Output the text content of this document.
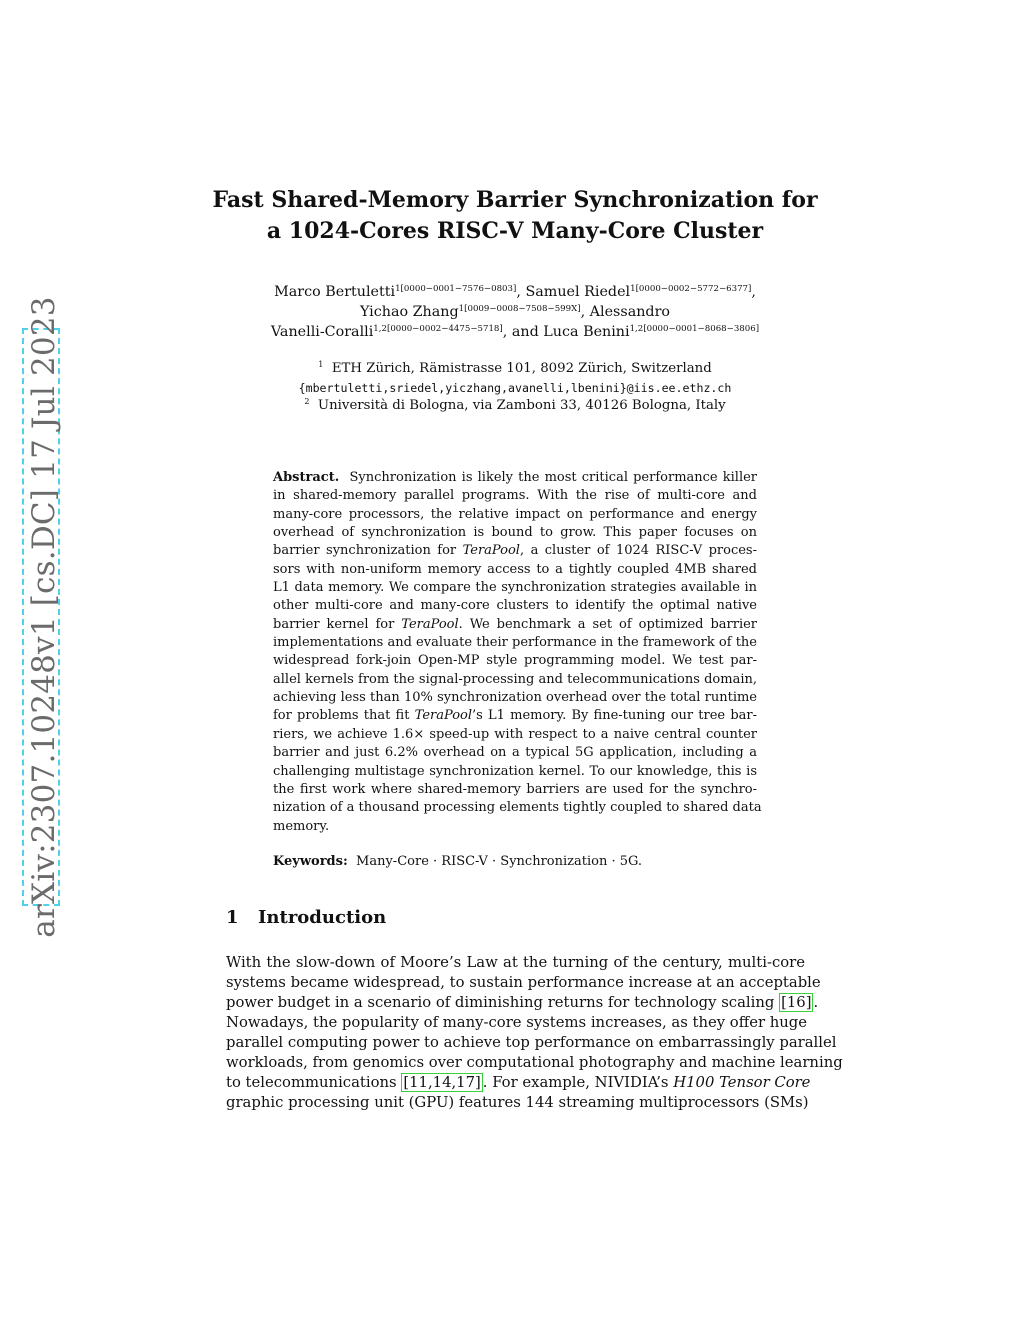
arXiv:2307.10248v1 [cs.DC] 17 Jul 2023
Fast Shared-Memory Barrier Synchronization for
a 1024-Cores RISC-V Many-Core Cluster
Marco Bertuletti$^{1[0000-0001-7576-0803]}$, Samuel Riedel$^{1[0000-0002-5772-6377]}$,
Yichao Zhang$^{1[0009-0008-7508-599X]}$, Alessandro
Vanelli-Coralli$^{1,2[0000-0002-4475-5718]}$, and Luca Benini$^{1,2[0000-0001-8068-3806]}$
$^1$ ETH Zürich, Rämistrasse 101, 8092 Zürich, Switzerland
{mbertuletti,sriedel,yiczhang,avanelli,lbenini}@iis.ee.ethz.ch
$^2$ Università di Bologna, via Zamboni 33, 40126 Bologna, Italy
Abstract. Synchronization is likely the most critical performance killer
in shared-memory parallel programs. With the rise of multi-core and
many-core processors, the relative impact on performance and energy
overhead of synchronization is bound to grow. This paper focuses on
barrier synchronization for TeraPool, a cluster of 1024 RISC-V proces-
sors with non-uniform memory access to a tightly coupled 4MB shared
L1 data memory. We compare the synchronization strategies available in
other multi-core and many-core clusters to identify the optimal native
barrier kernel for TeraPool. We benchmark a set of optimized barrier
implementations and evaluate their performance in the framework of the
widespread fork-join Open-MP style programming model. We test par-
allel kernels from the signal-processing and telecommunications domain,
achieving less than 10% synchronization overhead over the total runtime
for problems that fit TeraPool’s L1 memory. By fine-tuning our tree bar-
riers, we achieve 1.6× speed-up with respect to a naive central counter
barrier and just 6.2% overhead on a typical 5G application, including a
challenging multistage synchronization kernel. To our knowledge, this is
the first work where shared-memory barriers are used for the synchro-
nization of a thousand processing elements tightly coupled to shared data
memory.
Keywords: Many-Core · RISC-V · Synchronization · 5G.
1 Introduction
With the slow-down of Moore’s Law at the turning of the century, multi-core
systems became widespread, to sustain performance increase at an acceptable
power budget in a scenario of diminishing returns for technology scaling [16] .
Nowadays, the popularity of many-core systems increases, as they offer huge
parallel computing power to achieve top performance on embarrassingly parallel
workloads, from genomics over computational photography and machine learning
to telecommunications [11,14,17] . For example, NIVIDIA’s H100 Tensor Core
graphic processing unit (GPU) features 144 streaming multiprocessors (SMs)
